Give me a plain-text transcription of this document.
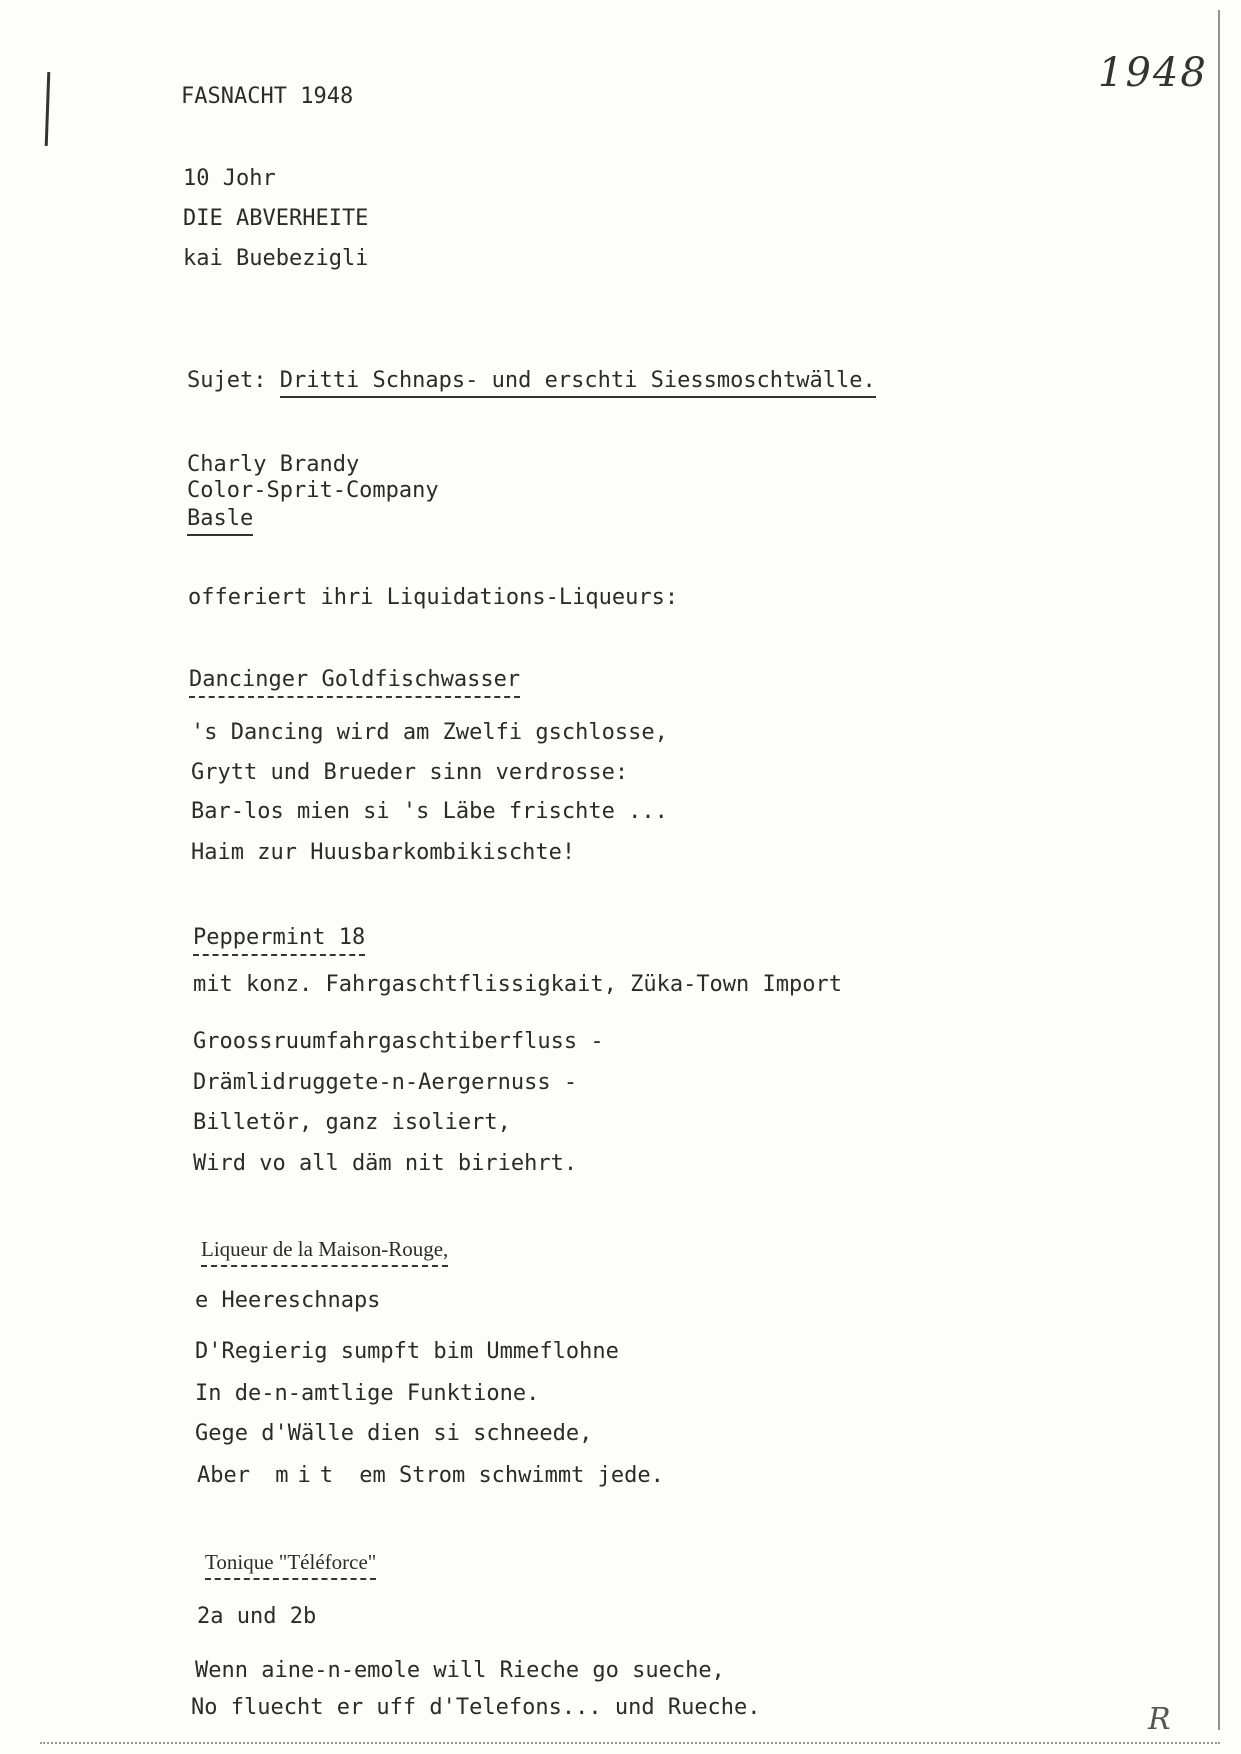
1948
FASNACHT 1948
10 Johr
DIE ABVERHEITE
kai Buebezigli
Sujet: Dritti Schnaps- und erschti Siessmoschtwälle.
Charly Brandy
Color-Sprit-Company
Basle
offeriert ihri Liquidations-Liqueurs:
Dancinger Goldfischwasser
's Dancing wird am Zwelfi gschlosse,
Grytt und Brueder sinn verdrosse:
Bar-los mien si 's Läbe frischte ...
Haim zur Huusbarkombikischte!
Peppermint 18
mit konz. Fahrgaschtflissigkait, Züka-Town Import
Groossruumfahrgaschtiberfluss -
Drämlidruggete-n-Aergernuss -
Billetör, ganz isoliert,
Wird vo all däm nit biriehrt.
Liqueur de la Maison-Rouge,
e Heereschnaps
D'Regierig sumpft bim Ummeflohne
In de-n-amtlige Funktione.
Gege d'Wälle dien si schneede,
Aber mit em Strom schwimmt jede.
Tonique "Téléforce"
2a und 2b
Wenn aine-n-emole will Rieche go sueche,
No fluecht er uff d'Telefons... und Rueche.	R
